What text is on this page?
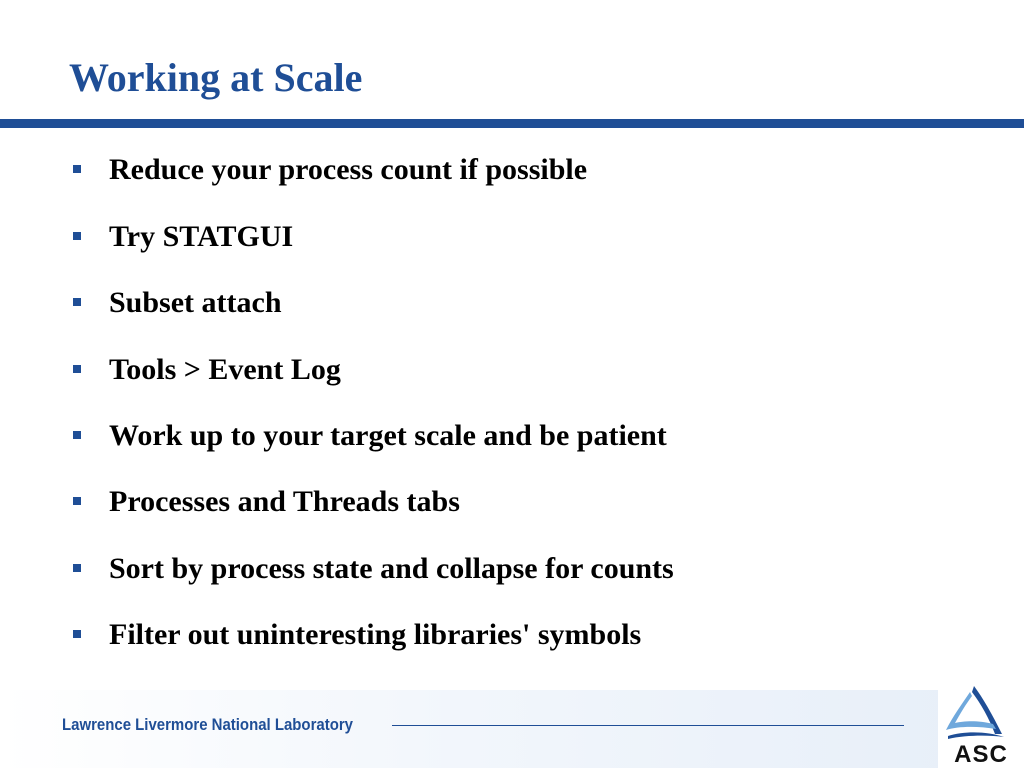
Working at Scale
Reduce your process count if possible
Try STATGUI
Subset attach
Tools > Event Log
Work up to your target scale and be patient
Processes and Threads tabs
Sort by process state and collapse for counts
Filter out uninteresting libraries' symbols
Lawrence Livermore National Laboratory
ASC
